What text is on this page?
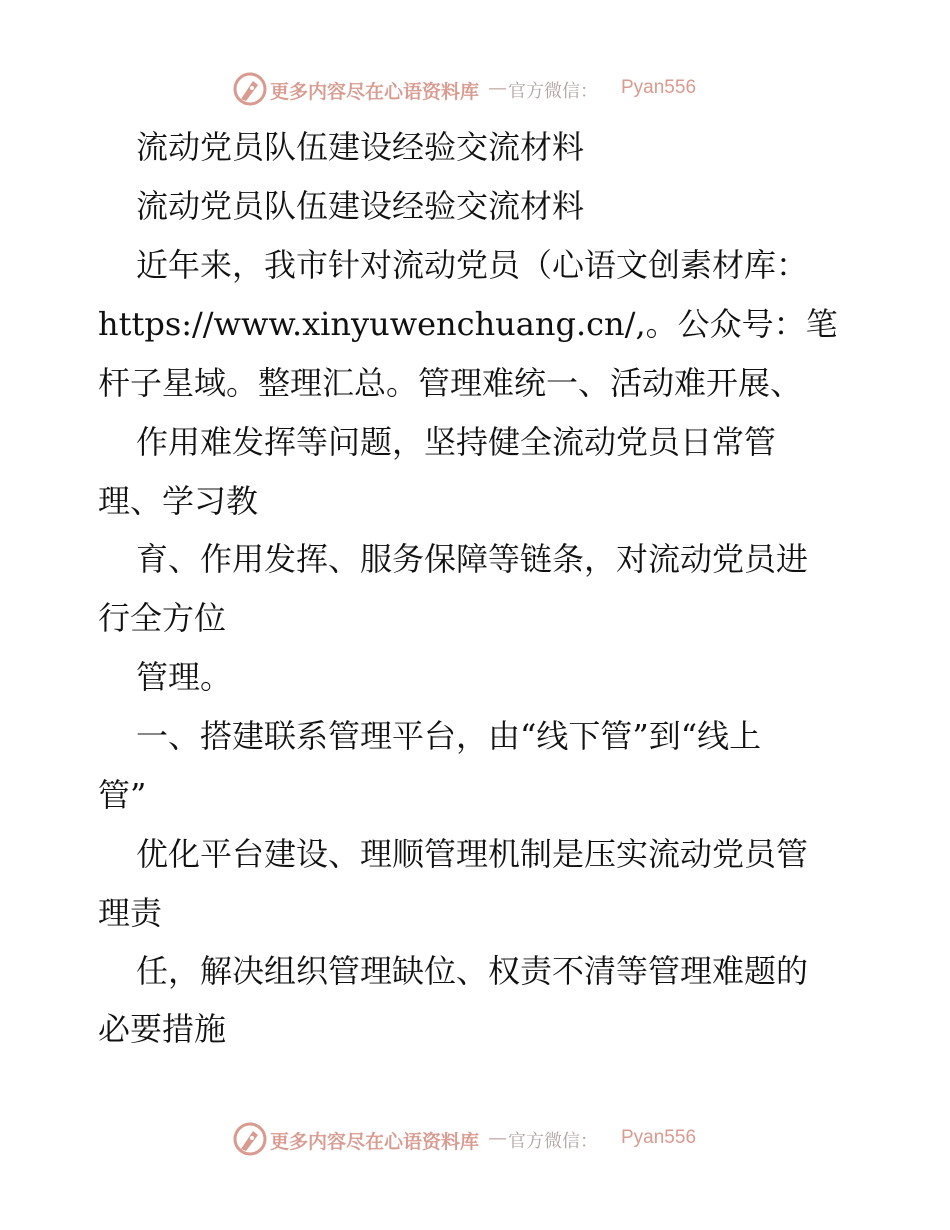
更多内容尽在心语资料库 — 官方微信： Pyan556
流动党员队伍建设经验交流材料
流动党员队伍建设经验交流材料
近年来，我市针对流动党员（心语文创素材库：
https://www.xinyuwenchuang.cn/,。公众号：笔
杆子星域。整理汇总。管理难统一、活动难开展、
作用难发挥等问题，坚持健全流动党员日常管
理、学习教
育、作用发挥、服务保障等链条，对流动党员进
行全方位
管理。
一、搭建联系管理平台，由“线下管”到“线上
管”
优化平台建设、理顺管理机制是压实流动党员管
理责
任，解决组织管理缺位、权责不清等管理难题的
必要措施
更多内容尽在心语资料库 — 官方微信： Pyan556
